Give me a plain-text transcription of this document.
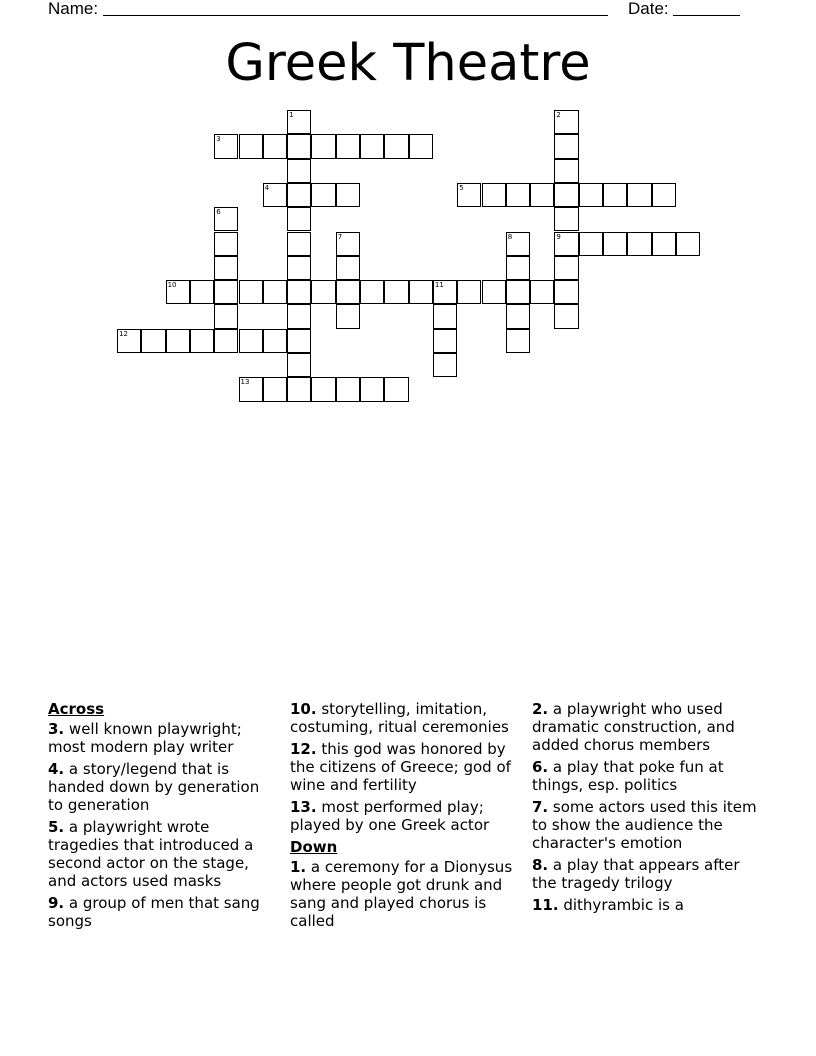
Name:	Date:
Greek Theatre
1	2
9
3
4	5
6
7	8
10	11
12
13
Across
3. well known playwright; most modern play writer
4. a story/legend that is handed down by generation to generation
5. a playwright wrote tragedies that introduced a second actor on the stage, and actors used masks
9. a group of men that sang songs
10. storytelling, imitation, costuming, ritual ceremonies
12. this god was honored by the citizens of Greece; god of wine and fertility
13. most performed play; played by one Greek actor
Down
1. a ceremony for a Dionysus where people got drunk and sang and played chorus is called
2. a playwright who used dramatic construction, and added chorus members
6. a play that poke fun at things, esp. politics
7. some actors used this item to show the audience the character's emotion
8. a play that appears after the tragedy trilogy
11. dithyrambic is a
